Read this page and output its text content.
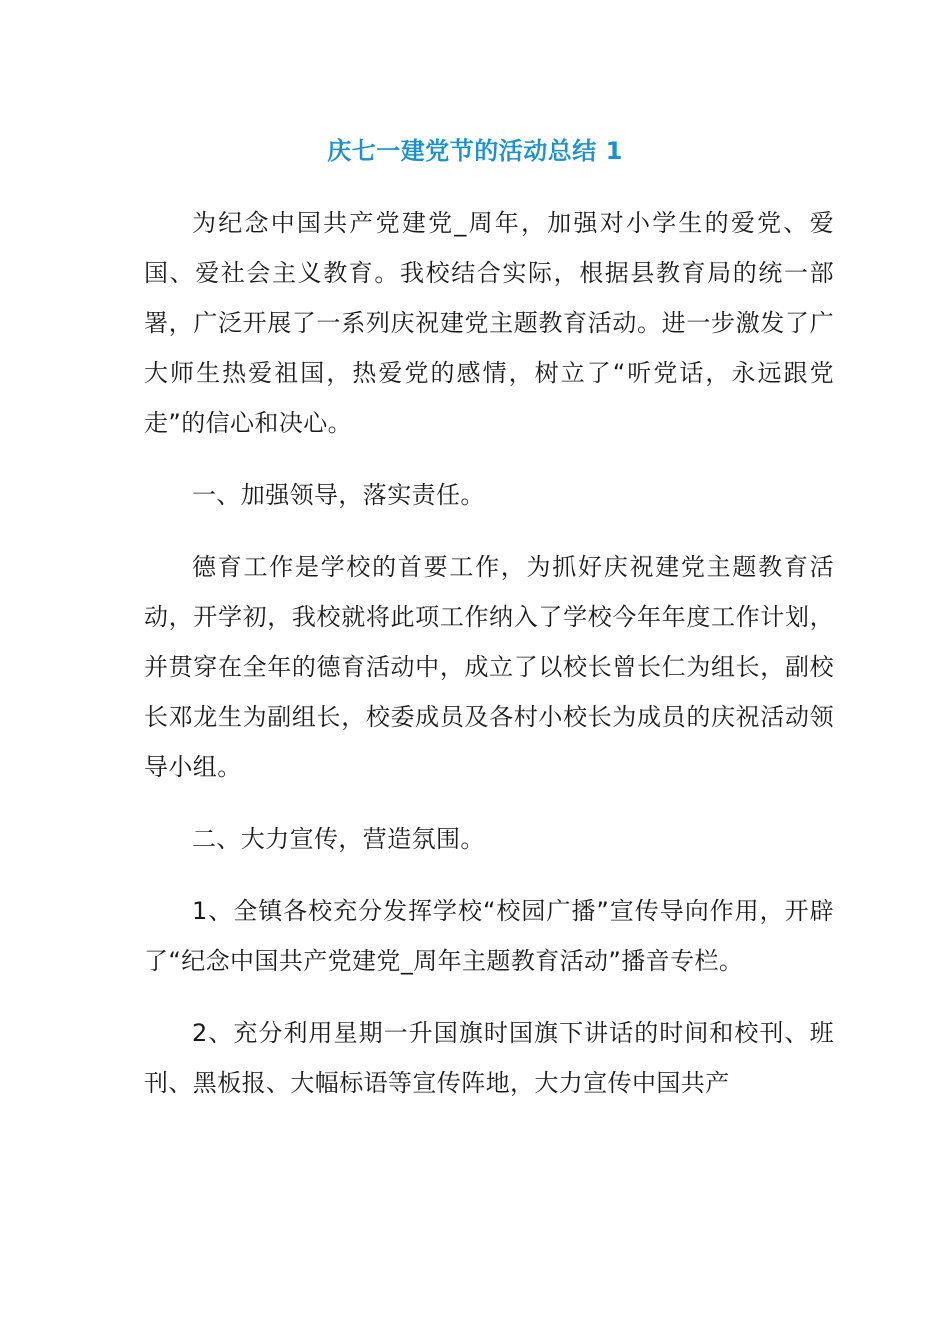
庆七一建党节的活动总结 1

为纪念中国共产党建党_周年，加强对小学生的爱党、爱国、爱社会主义教育。我校结合实际，根据县教育局的统一部署，广泛开展了一系列庆祝建党主题教育活动。进一步激发了广大师生热爱祖国，热爱党的感情，树立了“听党话，永远跟党走”的信心和决心。

一、加强领导，落实责任。

德育工作是学校的首要工作，为抓好庆祝建党主题教育活动，开学初，我校就将此项工作纳入了学校今年年度工作计划，并贯穿在全年的德育活动中，成立了以校长曾长仁为组长，副校长邓龙生为副组长，校委成员及各村小校长为成员的庆祝活动领导小组。

二、大力宣传，营造氛围。

1、全镇各校充分发挥学校“校园广播”宣传导向作用，开辟了“纪念中国共产党建党_周年主题教育活动”播音专栏。

2、充分利用星期一升国旗时国旗下讲话的时间和校刊、班刊、黑板报、大幅标语等宣传阵地，大力宣传中国共产
